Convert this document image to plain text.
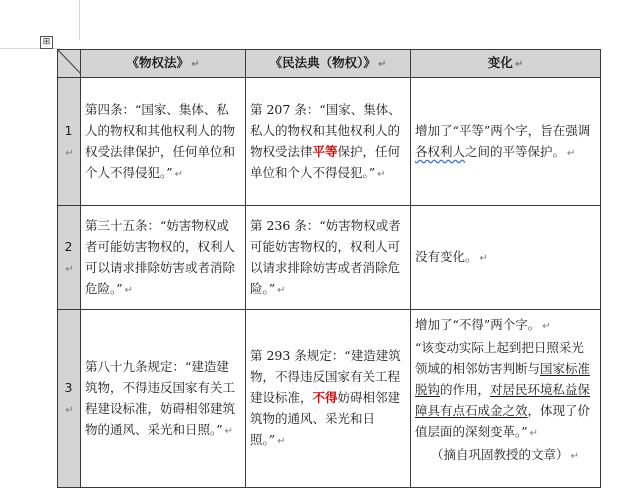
⊞
	《物权法》 ↵	《民法典（物权）》 ↵	变化 ↵
1↵	第四条：“国家、集体、私人的物权和其他权利人的物权受法律保护，任何单位和个人不得侵犯。” ↵	第 207 条：“国家、集体、私人的物权和其他权利人的物权受法律平等保护，任何单位和个人不得侵犯。” ↵	增加了“平等”两个字，旨在强调各权利人之间的平等保护。 ↵
2↵	第三十五条：“妨害物权或者可能妨害物权的，权利人可以请求排除妨害或者消除危险。” ↵	第 236 条：“妨害物权或者可能妨害物权的，权利人可以请求排除妨害或者消除危险。” ↵	没有变化。 ↵
3↵	第八十九条规定：“建造建筑物，不得违反国家有关工程建设标准，妨碍相邻建筑物的通风、采光和日照。” ↵	第 293 条规定：“建造建筑物，不得违反国家有关工程建设标准，不得妨碍相邻建筑物的通风、采光和日照。” ↵	增加了“不得”两个字。 ↵
“该变动实际上起到把日照采光领域的相邻妨害判断与国家标准脱钩的作用，对居民环境私益保障具有点石成金之效，体现了价值层面的深刻变革。” ↵
（摘自巩固教授的文章） ↵
